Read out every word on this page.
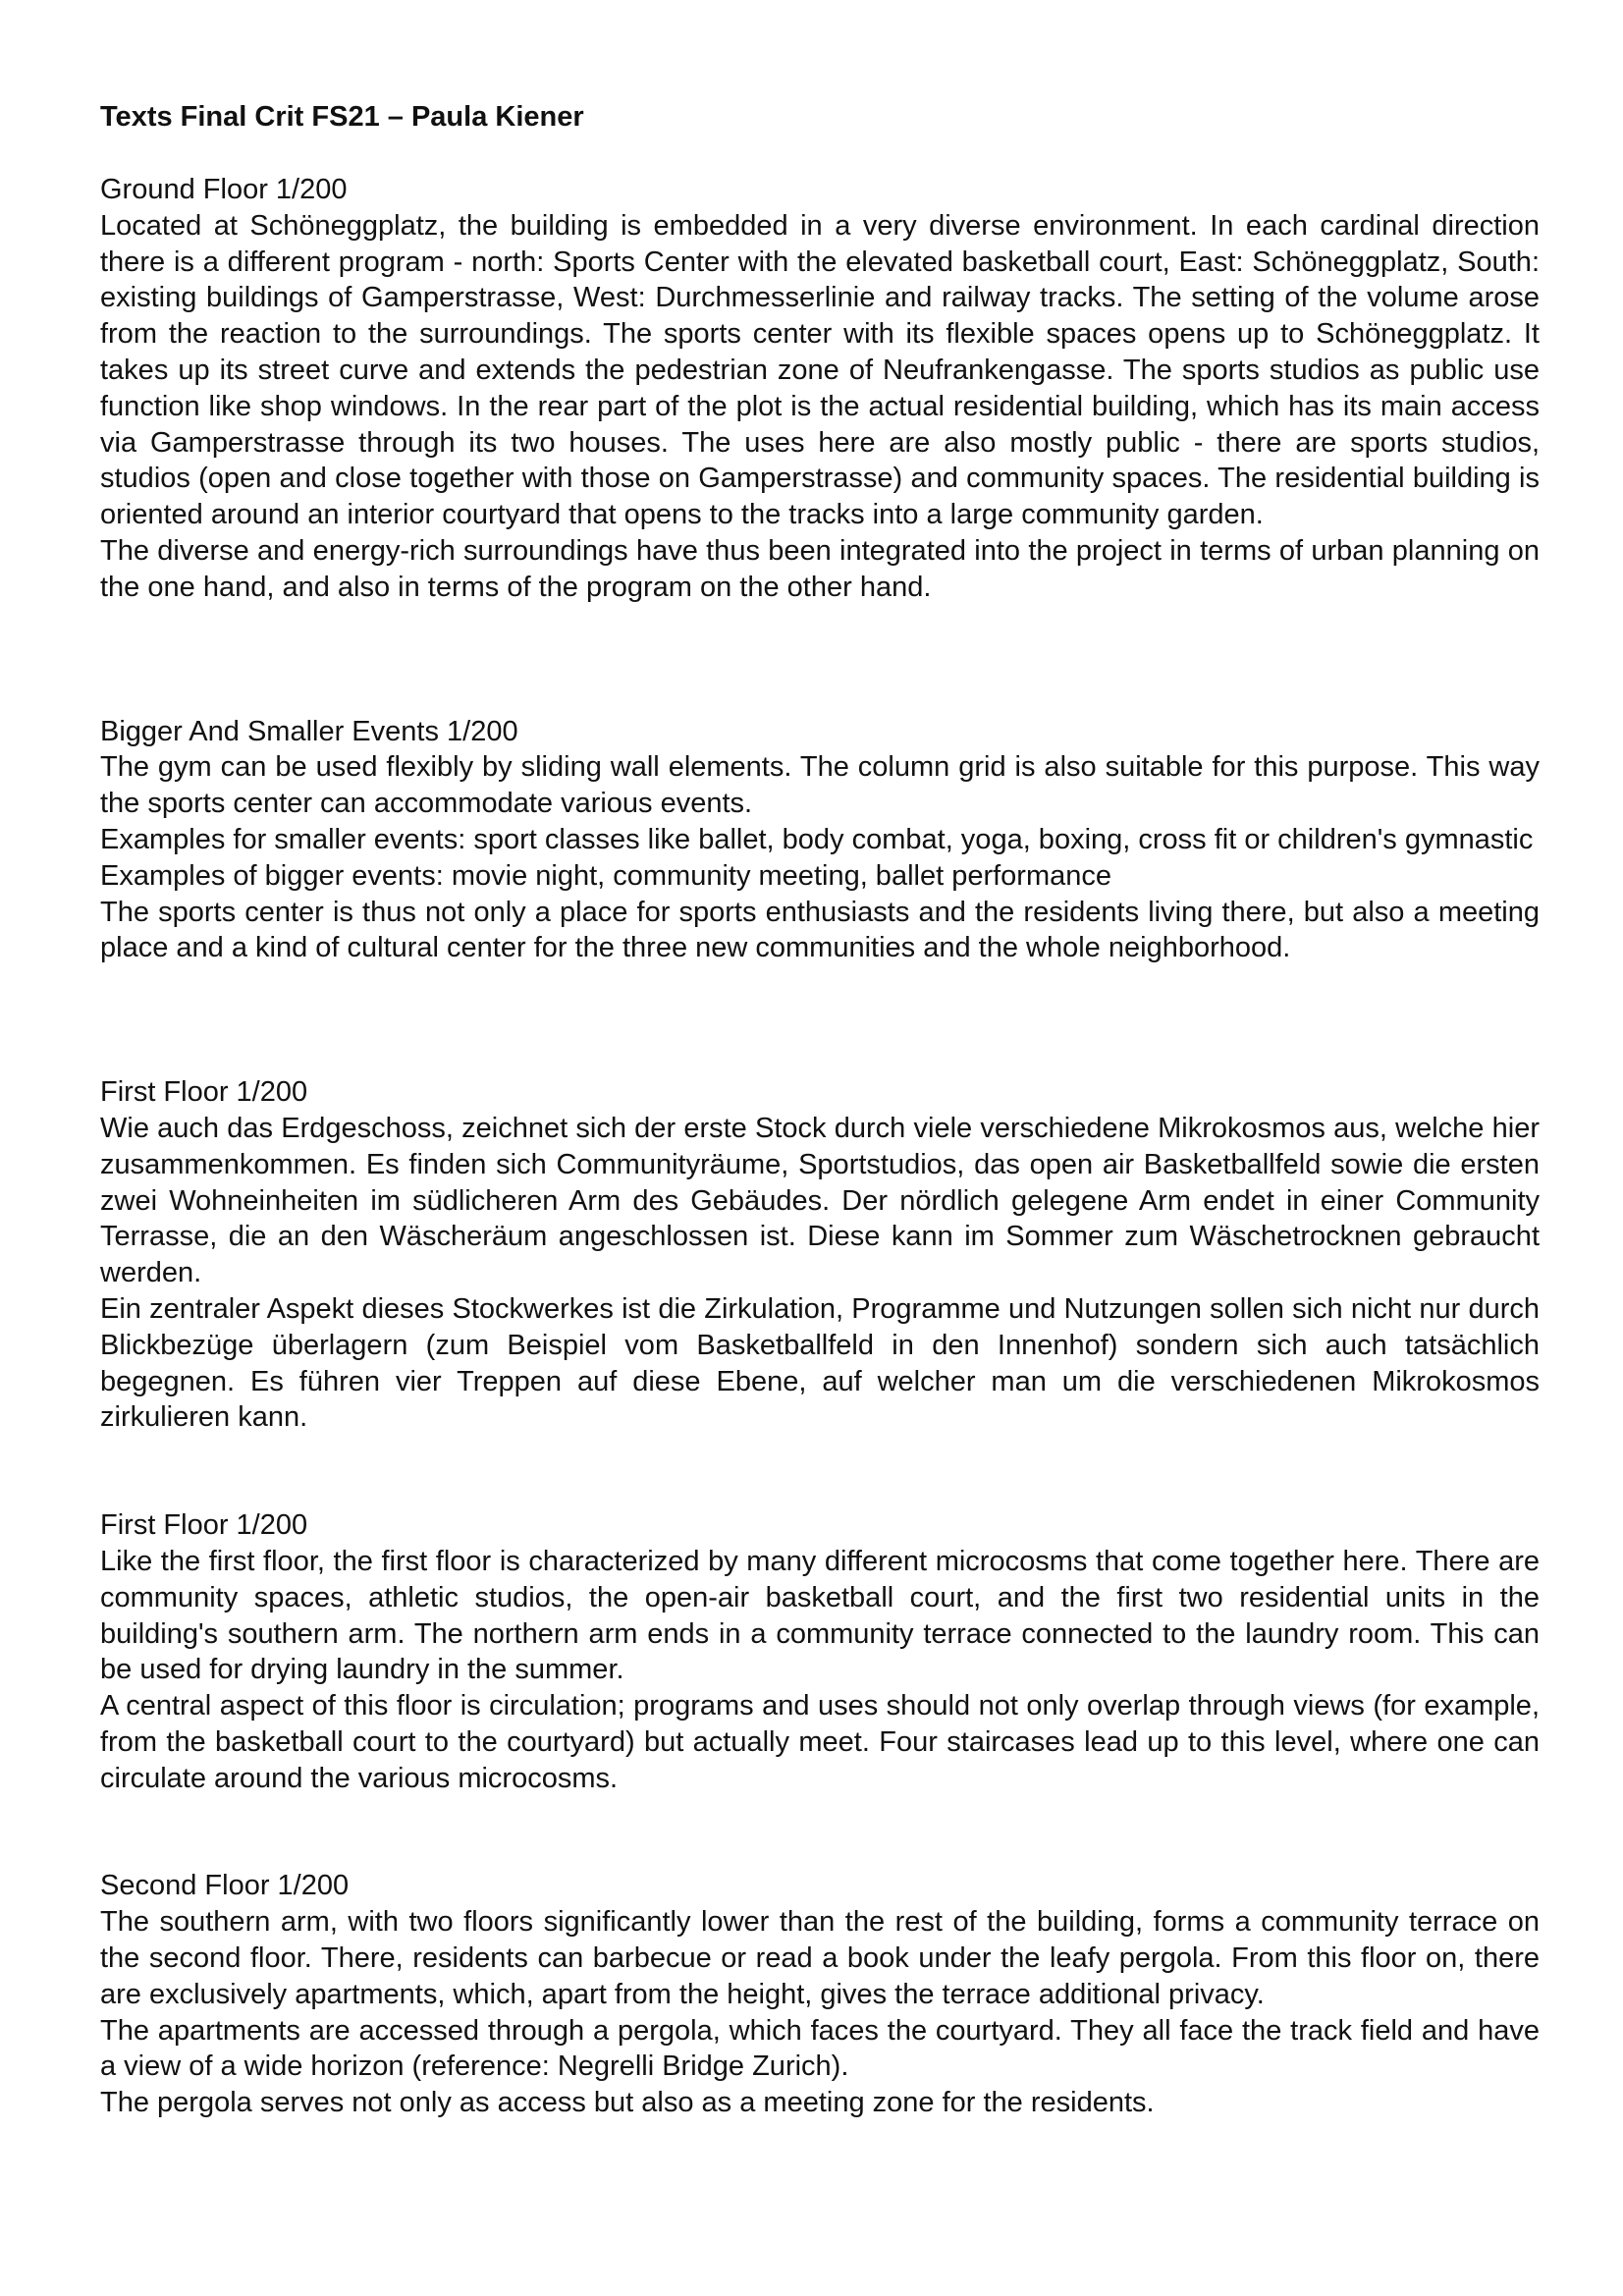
Texts Final Crit FS21 – Paula Kiener

Ground Floor 1/200

Located at Schöneggplatz, the building is embedded in a very diverse environment. In each cardinal direction there is a different program - north: Sports Center with the elevated basketball court, East: Schöneggplatz, South: existing buildings of Gamperstrasse, West: Durchmesserlinie and railway tracks. The setting of the volume arose from the reaction to the surroundings. The sports center with its flexible spaces opens up to Schöneggplatz. It takes up its street curve and extends the pedestrian zone of Neufrankengasse. The sports studios as public use function like shop windows. In the rear part of the plot is the actual residential building, which has its main access via Gamperstrasse through its two houses. The uses here are also mostly public - there are sports studios, studios (open and close together with those on Gamperstrasse) and community spaces. The residential building is oriented around an interior courtyard that opens to the tracks into a large community garden.

The diverse and energy-rich surroundings have thus been integrated into the project in terms of urban planning on the one hand, and also in terms of the program on the other hand.

Bigger And Smaller Events 1/200

The gym can be used flexibly by sliding wall elements. The column grid is also suitable for this purpose. This way the sports center can accommodate various events.

Examples for smaller events: sport classes like ballet, body combat, yoga, boxing, cross fit or children's gymnastic

Examples of bigger events: movie night, community meeting, ballet performance

The sports center is thus not only a place for sports enthusiasts and the residents living there, but also a meeting place and a kind of cultural center for the three new communities and the whole neighborhood.

First Floor 1/200

Wie auch das Erdgeschoss, zeichnet sich der erste Stock durch viele verschiedene Mikrokosmos aus, welche hier zusammenkommen. Es finden sich Communityräume, Sportstudios, das open air Basketballfeld sowie die ersten zwei Wohneinheiten im südlicheren Arm des Gebäudes. Der nördlich gelegene Arm endet in einer Community Terrasse, die an den Wäscheräum angeschlossen ist. Diese kann im Sommer zum Wäschetrocknen gebraucht werden.

Ein zentraler Aspekt dieses Stockwerkes ist die Zirkulation, Programme und Nutzungen sollen sich nicht nur durch Blickbezüge überlagern (zum Beispiel vom Basketballfeld in den Innenhof) sondern sich auch tatsächlich begegnen. Es führen vier Treppen auf diese Ebene, auf welcher man um die verschiedenen Mikrokosmos zirkulieren kann.

First Floor 1/200

Like the first floor, the first floor is characterized by many different microcosms that come together here. There are community spaces, athletic studios, the open-air basketball court, and the first two residential units in the building's southern arm. The northern arm ends in a community terrace connected to the laundry room. This can be used for drying laundry in the summer.

A central aspect of this floor is circulation; programs and uses should not only overlap through views (for example, from the basketball court to the courtyard) but actually meet. Four staircases lead up to this level, where one can circulate around the various microcosms.

Second Floor 1/200

The southern arm, with two floors significantly lower than the rest of the building, forms a community terrace on the second floor. There, residents can barbecue or read a book under the leafy pergola. From this floor on, there are exclusively apartments, which, apart from the height, gives the terrace additional privacy.

The apartments are accessed through a pergola, which faces the courtyard. They all face the track field and have a view of a wide horizon (reference: Negrelli Bridge Zurich).

The pergola serves not only as access but also as a meeting zone for the residents.
